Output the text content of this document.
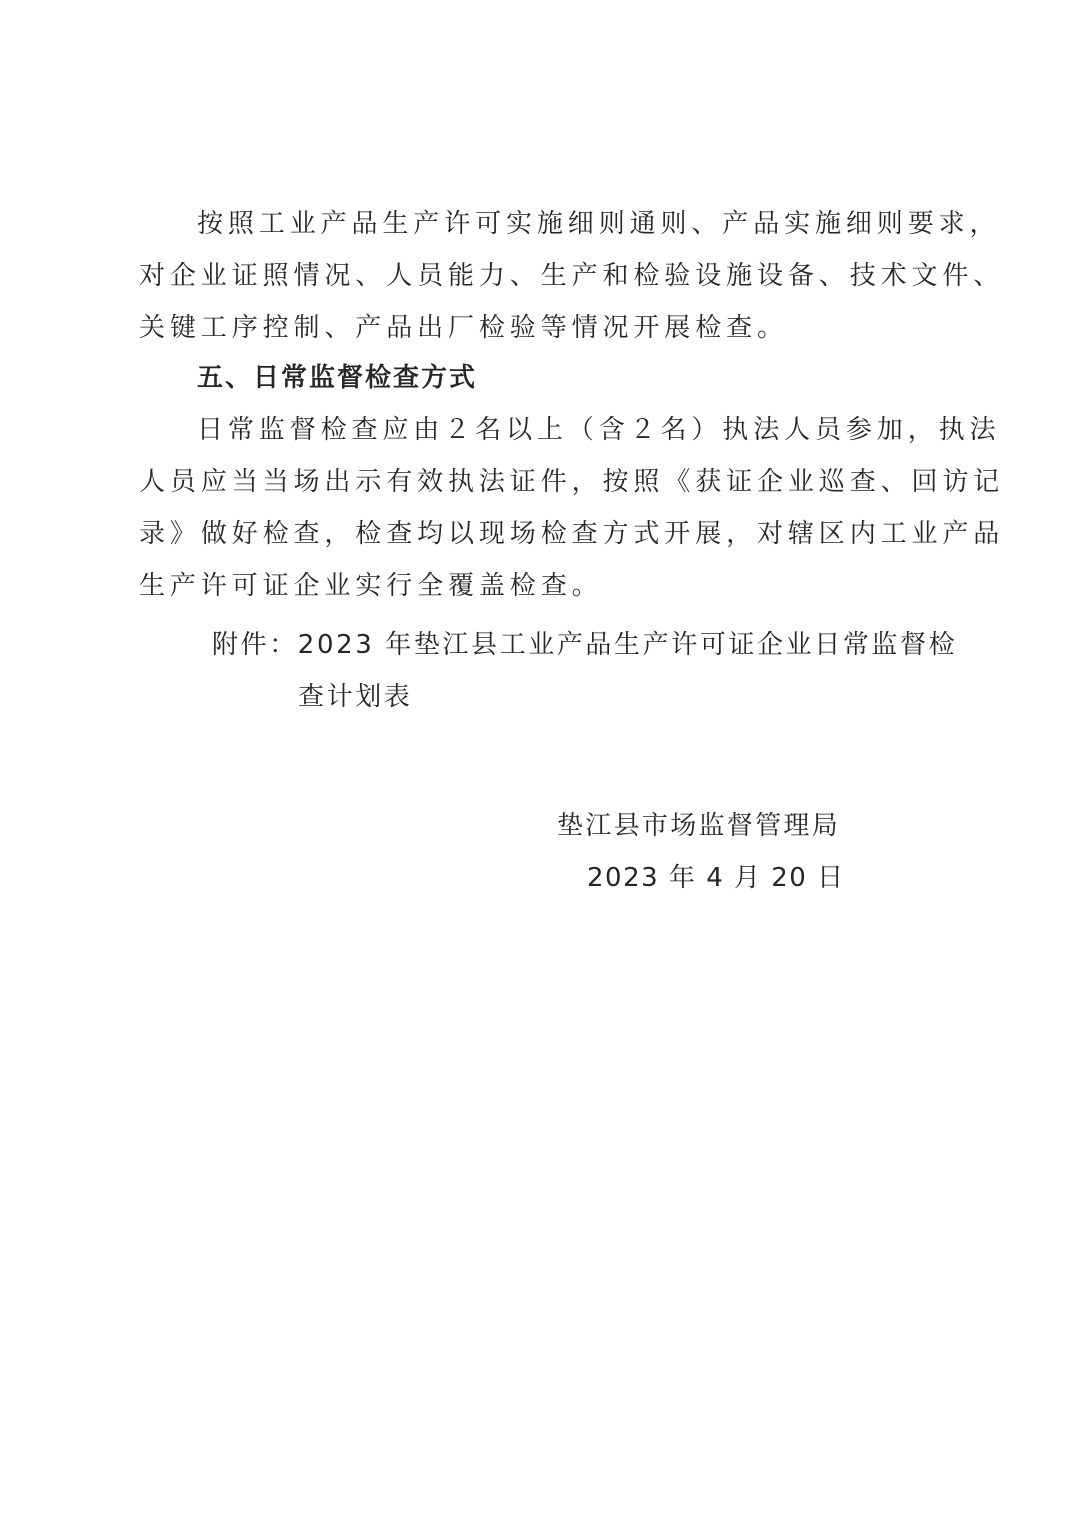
按照工业产品生产许可实施细则通则、产品实施细则要求，
对企业证照情况、人员能力、生产和检验设施设备、技术文件、
关键工序控制、产品出厂检验等情况开展检查。
五、日常监督检查方式
日常监督检查应由２名以上（含２名）执法人员参加，执法
人员应当当场出示有效执法证件，按照《获证企业巡查、回访记
录》做好检查，检查均以现场检查方式开展，对辖区内工业产品
生产许可证企业实行全覆盖检查。
附件：2023 年垫江县工业产品生产许可证企业日常监督检
查计划表
垫江县市场监督管理局
2023 年 4 月 20 日
